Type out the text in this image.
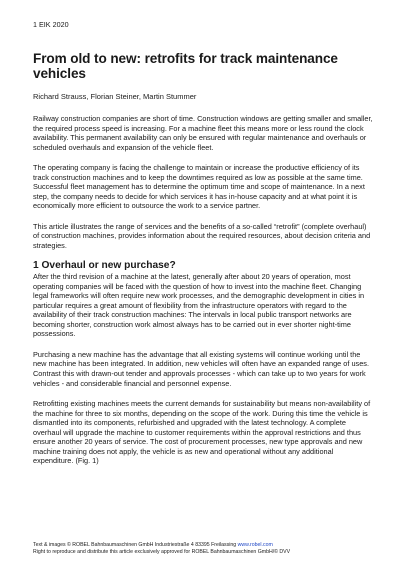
1 EIK 2020
From old to new: retrofits for track maintenance vehicles
Richard Strauss, Florian Steiner, Martin Stummer

Railway construction companies are short of time. Construction windows are getting smaller and smaller, the required process speed is increasing. For a machine fleet this means more or less round the clock availability. This permanent availability can only be ensured with regular maintenance and overhauls or scheduled overhauls and expansion of the vehicle fleet.

The operating company is facing the challenge to maintain or increase the productive efficiency of its track construction machines and to keep the downtimes required as low as possible at the same time. Successful fleet management has to determine the optimum time and scope of maintenance. In a next step, the company needs to decide for which services it has in-house capacity and at what point it is economically more efficient to outsource the work to a service partner.

This article illustrates the range of services and the benefits of a so-called “retrofit” (complete overhaul) of construction machines, provides information about the required resources, about decision criteria and strategies.

1 Overhaul or new purchase?

After the third revision of a machine at the latest, generally after about 20 years of operation, most operating companies will be faced with the question of how to invest into the machine fleet. Changing legal frameworks will often require new work processes, and the demographic development in cities in particular requires a great amount of flexibility from the infrastructure operators with regard to the availability of their track construction machines: The intervals in local public transport networks are becoming shorter, construction work almost always has to be carried out in ever shorter night-time possessions.

Purchasing a new machine has the advantage that all existing systems will continue working until the new machine has been integrated. In addition, new vehicles will often have an expanded range of uses. Contrast this with drawn-out tender and approvals processes - which can take up to two years for work vehicles - and considerable financial and personnel expense.

Retrofitting existing machines meets the current demands for sustainability but means non-availability of the machine for three to six months, depending on the scope of the work. During this time the vehicle is dismantled into its components, refurbished and upgraded with the latest technology. A complete overhaul will upgrade the machine to customer requirements within the approval restrictions and thus ensure another 20 years of service. The cost of procurement processes, new type approvals and new machine training does not apply, the vehicle is as new and operational without any additional expenditure. (Fig. 1)

Text & images © ROBEL Bahnbaumaschinen GmbH Industriestraße 4 83395 Freilassing www.robel.com
Right to reproduce and distribute this article exclusively approved for ROBEL Bahnbaumaschinen GmbH/© DVV
